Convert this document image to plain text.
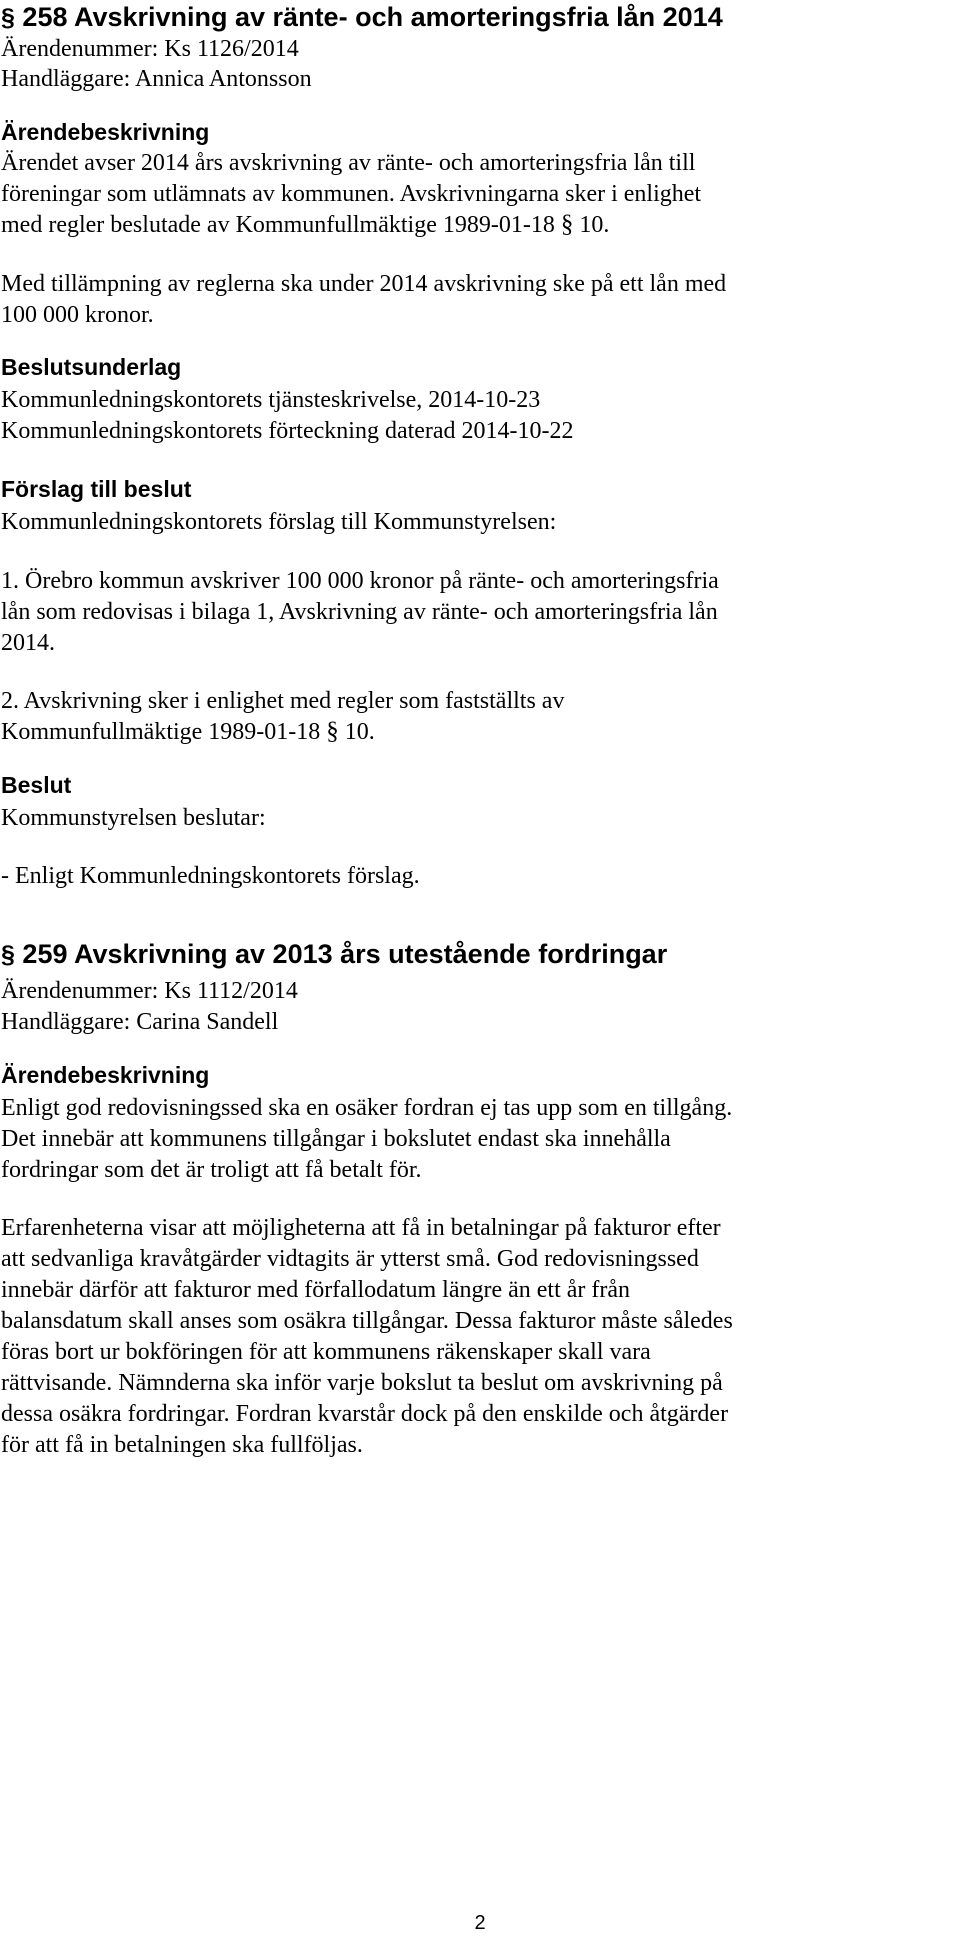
§ 258 Avskrivning av ränte- och amorteringsfria lån 2014
Ärendenummer: Ks 1126/2014
Handläggare: Annica Antonsson
Ärendebeskrivning
Ärendet avser 2014 års avskrivning av ränte- och amorteringsfria lån till
föreningar som utlämnats av kommunen. Avskrivningarna sker i enlighet
med regler beslutade av Kommunfullmäktige 1989-01-18 § 10.
Med tillämpning av reglerna ska under 2014 avskrivning ske på ett lån med
100 000 kronor.
Beslutsunderlag
Kommunledningskontorets tjänsteskrivelse, 2014-10-23
Kommunledningskontorets förteckning daterad 2014-10-22
Förslag till beslut
Kommunledningskontorets förslag till Kommunstyrelsen:
1. Örebro kommun avskriver 100 000 kronor på ränte- och amorteringsfria
lån som redovisas i bilaga 1, Avskrivning av ränte- och amorteringsfria lån
2014.
2. Avskrivning sker i enlighet med regler som fastställts av
Kommunfullmäktige 1989-01-18 § 10.
Beslut
Kommunstyrelsen beslutar:
- Enligt Kommunledningskontorets förslag.
§ 259 Avskrivning av 2013 års utestående fordringar
Ärendenummer: Ks 1112/2014
Handläggare: Carina Sandell
Ärendebeskrivning
Enligt god redovisningssed ska en osäker fordran ej tas upp som en tillgång.
Det innebär att kommunens tillgångar i bokslutet endast ska innehålla
fordringar som det är troligt att få betalt för.
Erfarenheterna visar att möjligheterna att få in betalningar på fakturor efter
att sedvanliga kravåtgärder vidtagits är ytterst små. God redovisningssed
innebär därför att fakturor med förfallodatum längre än ett år från
balansdatum skall anses som osäkra tillgångar. Dessa fakturor måste således
föras bort ur bokföringen för att kommunens räkenskaper skall vara
rättvisande. Nämnderna ska inför varje bokslut ta beslut om avskrivning på
dessa osäkra fordringar. Fordran kvarstår dock på den enskilde och åtgärder
för att få in betalningen ska fullföljas.
2
